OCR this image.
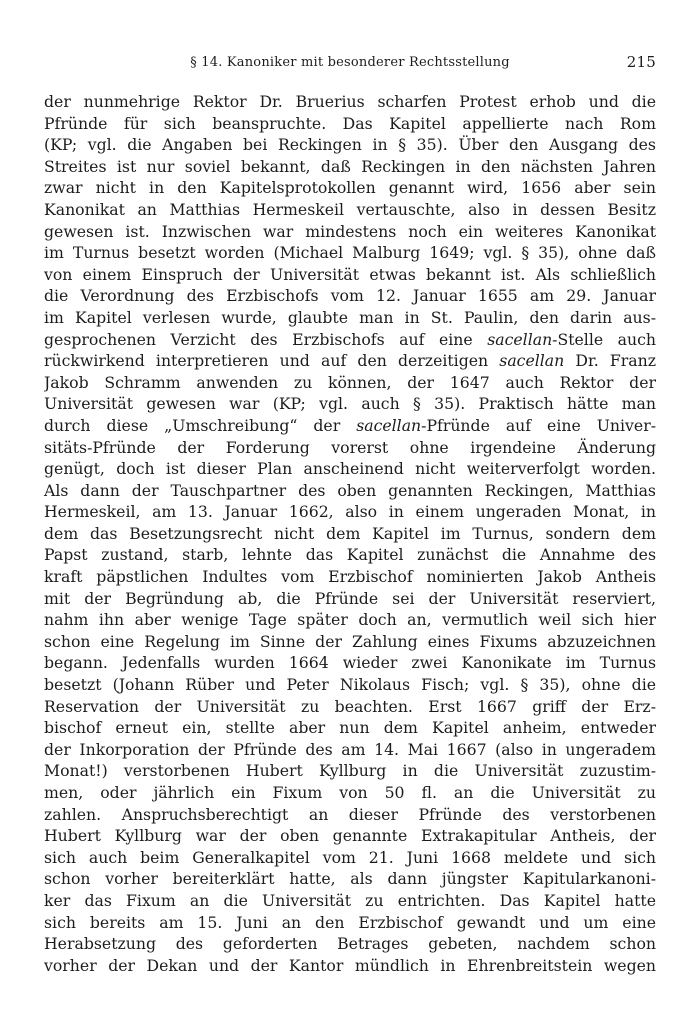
§ 14. Kanoniker mit besonderer Rechtsstellung	215
der nunmehrige Rektor Dr. Bruerius scharfen Protest erhob und die
Pfründe für sich beanspruchte. Das Kapitel appellierte nach Rom
(KP; vgl. die Angaben bei Reckingen in § 35). Über den Ausgang des
Streites ist nur soviel bekannt, daß Reckingen in den nächsten Jahren
zwar nicht in den Kapitelsprotokollen genannt wird, 1656 aber sein
Kanonikat an Matthias Hermeskeil vertauschte, also in dessen Besitz
gewesen ist. Inzwischen war mindestens noch ein weiteres Kanonikat
im Turnus besetzt worden (Michael Malburg 1649; vgl. § 35), ohne daß
von einem Einspruch der Universität etwas bekannt ist. Als schließlich
die Verordnung des Erzbischofs vom 12. Januar 1655 am 29. Januar
im Kapitel verlesen wurde, glaubte man in St. Paulin, den darin aus-
gesprochenen Verzicht des Erzbischofs auf eine sacellan-Stelle auch
rückwirkend interpretieren und auf den derzeitigen sacellan Dr. Franz
Jakob Schramm anwenden zu können, der 1647 auch Rektor der
Universität gewesen war (KP; vgl. auch § 35). Praktisch hätte man
durch diese „Umschreibung“ der sacellan-Pfründe auf eine Univer-
sitäts-Pfründe der Forderung vorerst ohne irgendeine Änderung
genügt, doch ist dieser Plan anscheinend nicht weiterverfolgt worden.
Als dann der Tauschpartner des oben genannten Reckingen, Matthias
Hermeskeil, am 13. Januar 1662, also in einem ungeraden Monat, in
dem das Besetzungsrecht nicht dem Kapitel im Turnus, sondern dem
Papst zustand, starb, lehnte das Kapitel zunächst die Annahme des
kraft päpstlichen Indultes vom Erzbischof nominierten Jakob Antheis
mit der Begründung ab, die Pfründe sei der Universität reserviert,
nahm ihn aber wenige Tage später doch an, vermutlich weil sich hier
schon eine Regelung im Sinne der Zahlung eines Fixums abzuzeichnen
begann. Jedenfalls wurden 1664 wieder zwei Kanonikate im Turnus
besetzt (Johann Rüber und Peter Nikolaus Fisch; vgl. § 35), ohne die
Reservation der Universität zu beachten. Erst 1667 griff der Erz-
bischof erneut ein, stellte aber nun dem Kapitel anheim, entweder
der Inkorporation der Pfründe des am 14. Mai 1667 (also in ungeradem
Monat!) verstorbenen Hubert Kyllburg in die Universität zuzustim-
men, oder jährlich ein Fixum von 50 fl. an die Universität zu
zahlen. Anspruchsberechtigt an dieser Pfründe des verstorbenen
Hubert Kyllburg war der oben genannte Extrakapitular Antheis, der
sich auch beim Generalkapitel vom 21. Juni 1668 meldete und sich
schon vorher bereiterklärt hatte, als dann jüngster Kapitularkanoni-
ker das Fixum an die Universität zu entrichten. Das Kapitel hatte
sich bereits am 15. Juni an den Erzbischof gewandt und um eine
Herabsetzung des geforderten Betrages gebeten, nachdem schon
vorher der Dekan und der Kantor mündlich in Ehrenbreitstein wegen
